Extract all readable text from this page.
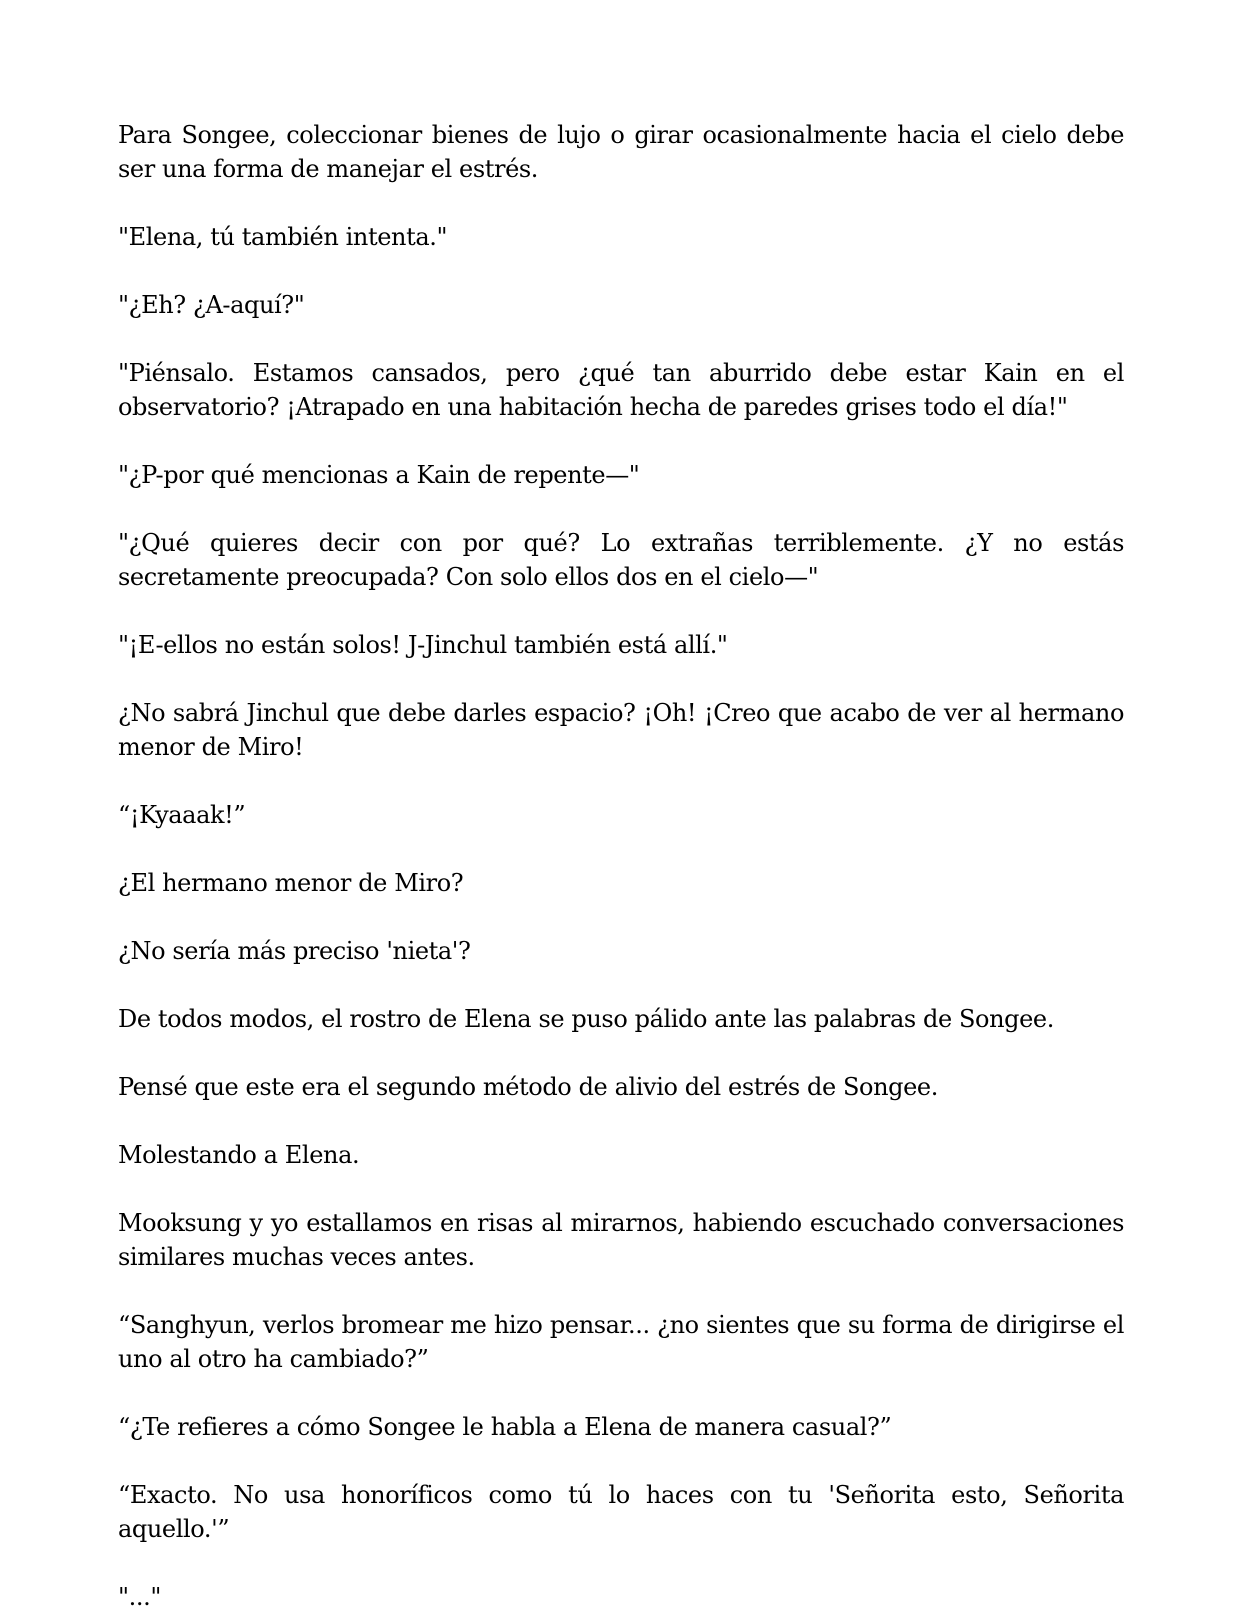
Para Songee, coleccionar bienes de lujo o girar ocasionalmente hacia el cielo debe ser una forma de manejar el estrés.

"Elena, tú también intenta."

"¿Eh? ¿A-aquí?"

"Piénsalo. Estamos cansados, pero ¿qué tan aburrido debe estar Kain en el observatorio? ¡Atrapado en una habitación hecha de paredes grises todo el día!"

"¿P-por qué mencionas a Kain de repente—"

"¿Qué quieres decir con por qué? Lo extrañas terriblemente. ¿Y no estás secretamente preocupada? Con solo ellos dos en el cielo—"

"¡E-ellos no están solos! J-Jinchul también está allí."

¿No sabrá Jinchul que debe darles espacio? ¡Oh! ¡Creo que acabo de ver al hermano menor de Miro!

“¡Kyaaak!”

¿El hermano menor de Miro?

¿No sería más preciso 'nieta'?

De todos modos, el rostro de Elena se puso pálido ante las palabras de Songee.

Pensé que este era el segundo método de alivio del estrés de Songee.

Molestando a Elena.

Mooksung y yo estallamos en risas al mirarnos, habiendo escuchado conversaciones similares muchas veces antes.

“Sanghyun, verlos bromear me hizo pensar... ¿no sientes que su forma de dirigirse el uno al otro ha cambiado?”

“¿Te refieres a cómo Songee le habla a Elena de manera casual?”

“Exacto. No usa honoríficos como tú lo haces con tu 'Señorita esto, Señorita aquello.'”

"..."
